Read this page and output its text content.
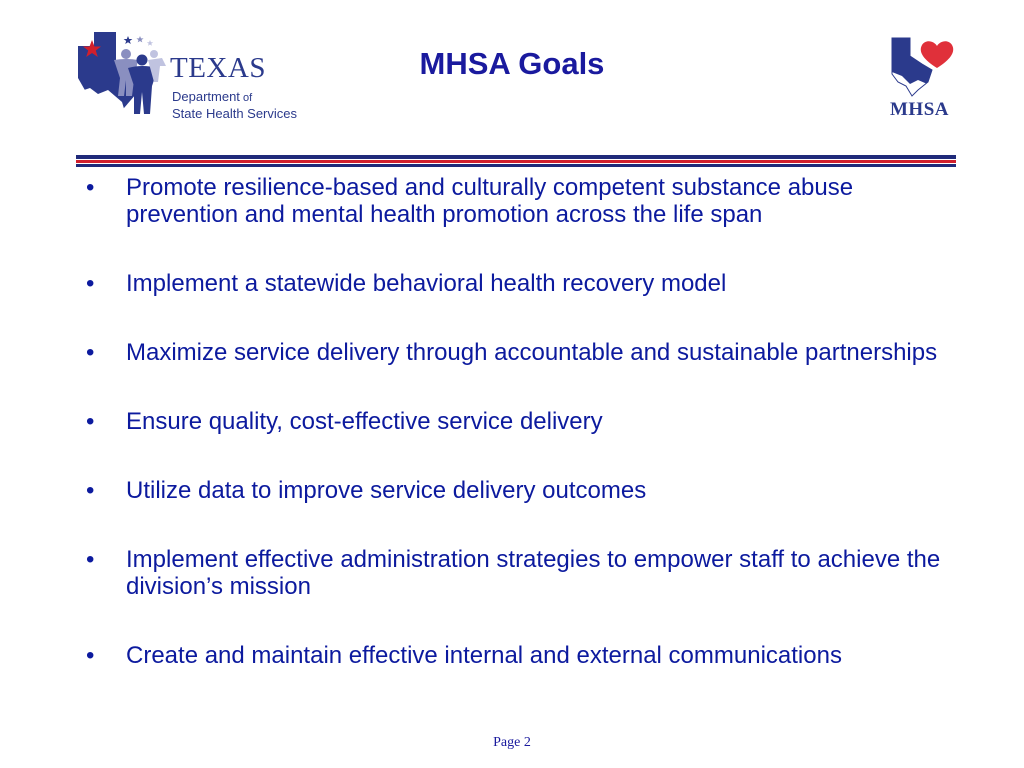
TEXAS
Department of
State Health Services
MHSA Goals
MHSA
• Promote resilience-based and culturally competent substance abuse prevention and mental health promotion across the life span
• Implement a statewide behavioral health recovery model
• Maximize service delivery through accountable and sustainable partnerships
• Ensure quality, cost-effective service delivery
• Utilize data to improve service delivery outcomes
• Implement effective administration strategies to empower staff to achieve the division’s mission
• Create and maintain effective internal and external communications
Page 2
